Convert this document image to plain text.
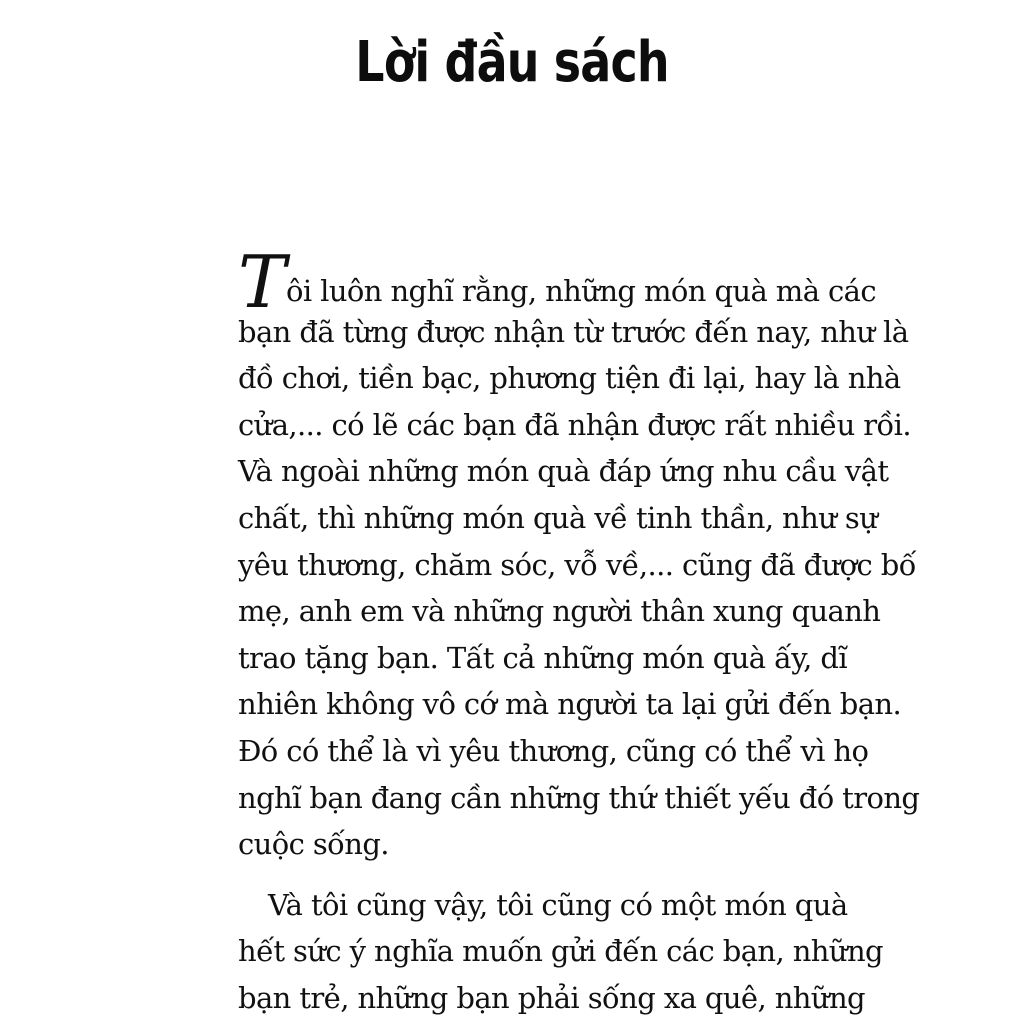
Lời đầu sách
Tôi luôn nghĩ rằng, những món quà mà các
bạn đã từng được nhận từ trước đến nay, như là
đồ chơi, tiền bạc, phương tiện đi lại, hay là nhà
cửa,... có lẽ các bạn đã nhận được rất nhiều rồi.
Và ngoài những món quà đáp ứng nhu cầu vật
chất, thì những món quà về tinh thần, như sự
yêu thương, chăm sóc, vỗ về,... cũng đã được bố
mẹ, anh em và những người thân xung quanh
trao tặng bạn. Tất cả những món quà ấy, dĩ
nhiên không vô cớ mà người ta lại gửi đến bạn.
Đó có thể là vì yêu thương, cũng có thể vì họ
nghĩ bạn đang cần những thứ thiết yếu đó trong
cuộc sống.
Và tôi cũng vậy, tôi cũng có một món quà
hết sức ý nghĩa muốn gửi đến các bạn, những
bạn trẻ, những bạn phải sống xa quê, những
